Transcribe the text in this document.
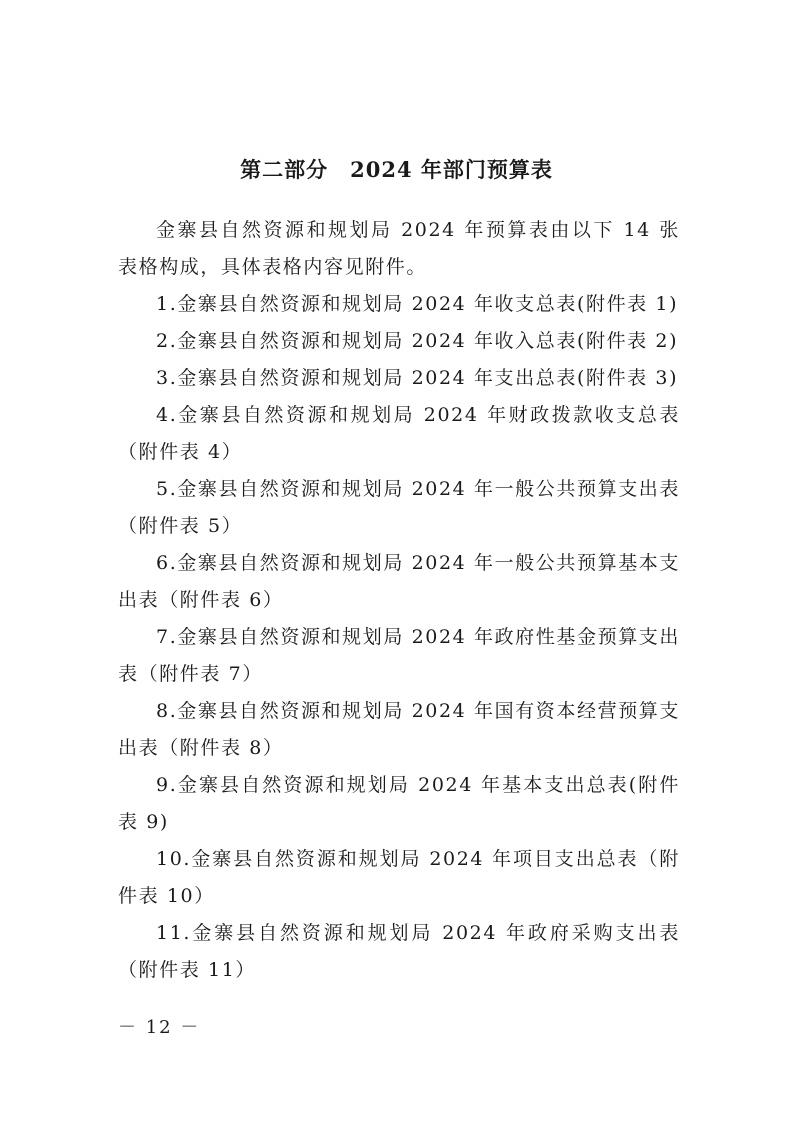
第二部分　2024 年部门预算表

金寨县自然资源和规划局 2024 年预算表由以下 14 张表格构成，具体表格内容见附件。

1.金寨县自然资源和规划局 2024 年收支总表(附件表 1)

2.金寨县自然资源和规划局 2024 年收入总表(附件表 2)

3.金寨县自然资源和规划局 2024 年支出总表(附件表 3)

4.金寨县自然资源和规划局 2024 年财政拨款收支总表（附件表 4）

5.金寨县自然资源和规划局 2024 年一般公共预算支出表（附件表 5）

6.金寨县自然资源和规划局 2024 年一般公共预算基本支出表（附件表 6）

7.金寨县自然资源和规划局 2024 年政府性基金预算支出表（附件表 7）

8.金寨县自然资源和规划局 2024 年国有资本经营预算支出表（附件表 8）

9.金寨县自然资源和规划局 2024 年基本支出总表(附件表 9)

10.金寨县自然资源和规划局 2024 年项目支出总表（附件表 10）

11.金寨县自然资源和规划局 2024 年政府采购支出表（附件表 11）

－ 12 －
